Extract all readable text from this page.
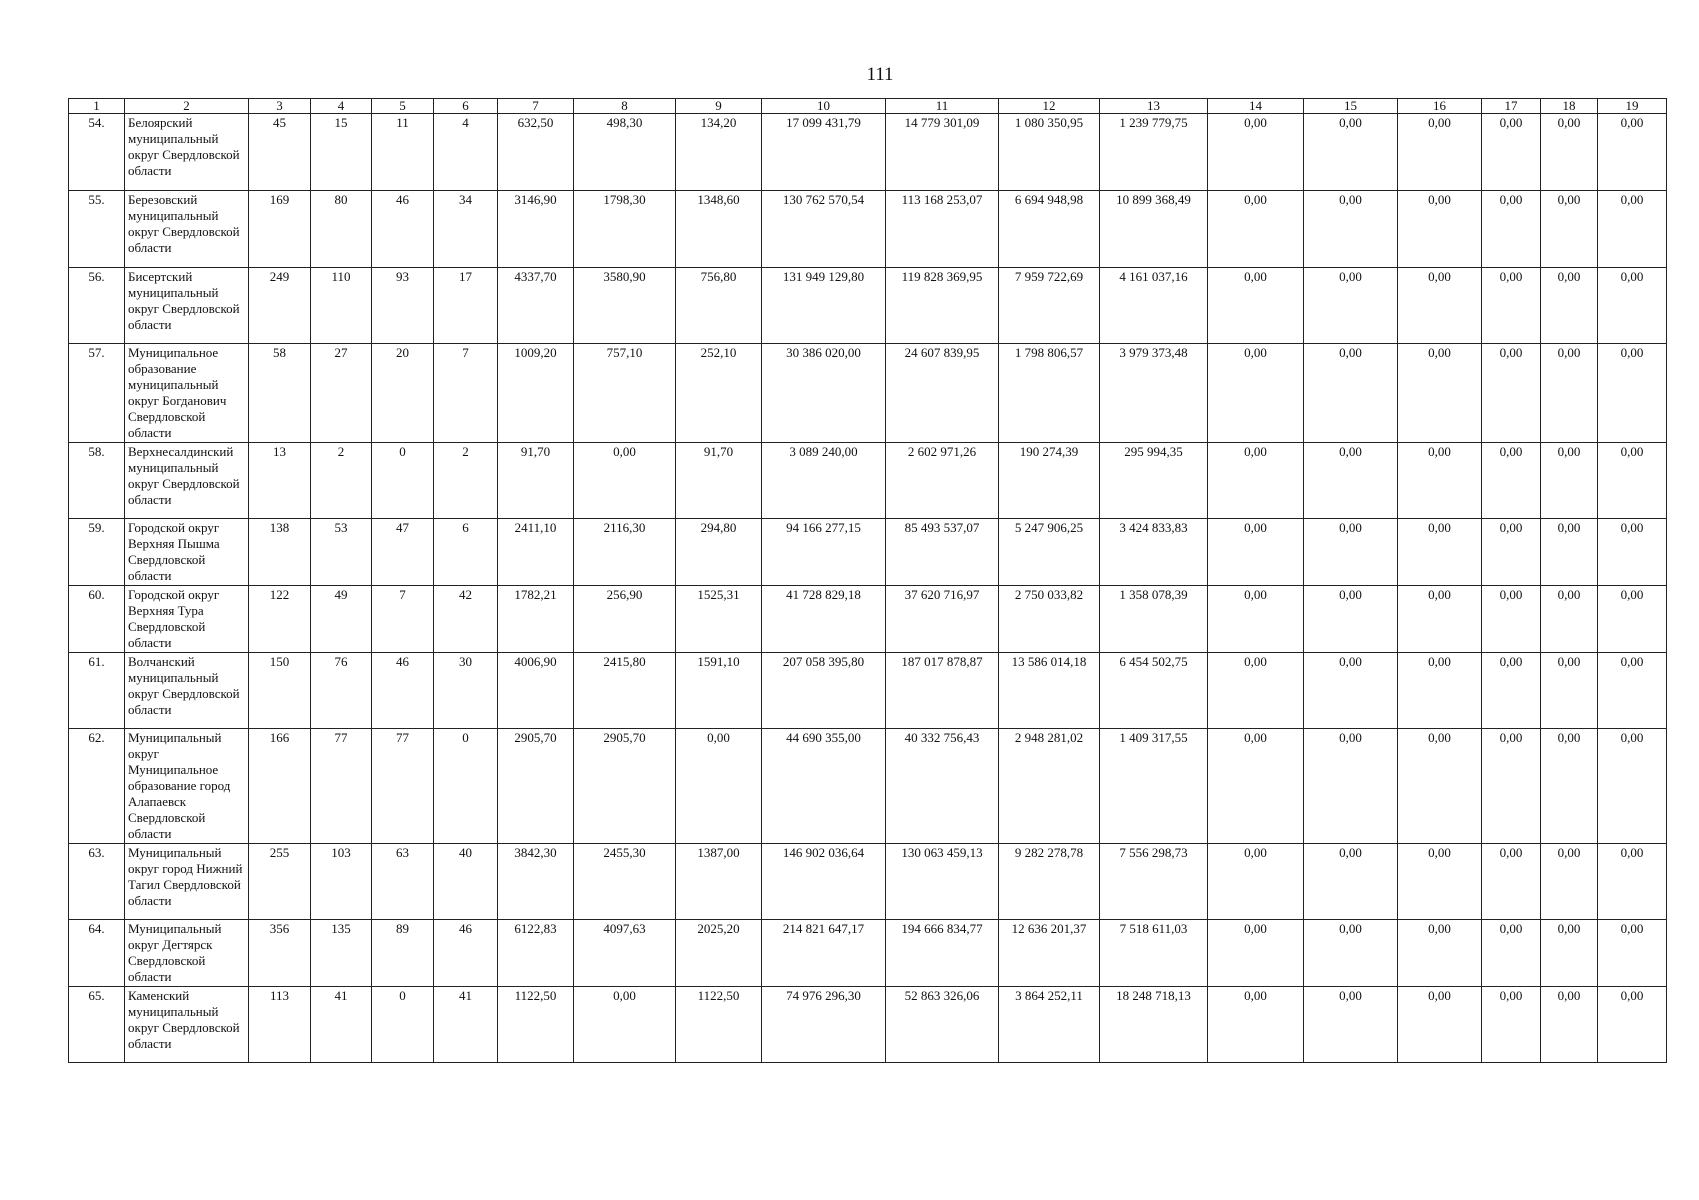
111
1	2	3	4	5	6	7	8	9	10	11	12	13	14	15	16	17	18	19
54.	Белоярский муниципальный округ Свердловской области	45	15	11	4	632,50	498,30	134,20	17 099 431,79	14 779 301,09	1 080 350,95	1 239 779,75	0,00	0,00	0,00	0,00	0,00	0,00
55.	Березовский муниципальный округ Свердловской области	169	80	46	34	3146,90	1798,30	1348,60	130 762 570,54	113 168 253,07	6 694 948,98	10 899 368,49	0,00	0,00	0,00	0,00	0,00	0,00
56.	Бисертский муниципальный округ Свердловской области	249	110	93	17	4337,70	3580,90	756,80	131 949 129,80	119 828 369,95	7 959 722,69	4 161 037,16	0,00	0,00	0,00	0,00	0,00	0,00
57.	Муниципальное образование муниципальный округ Богданович Свердловской области	58	27	20	7	1009,20	757,10	252,10	30 386 020,00	24 607 839,95	1 798 806,57	3 979 373,48	0,00	0,00	0,00	0,00	0,00	0,00
58.	Верхнесалдинский муниципальный округ Свердловской области	13	2	0	2	91,70	0,00	91,70	3 089 240,00	2 602 971,26	190 274,39	295 994,35	0,00	0,00	0,00	0,00	0,00	0,00
59.	Городской округ Верхняя Пышма Свердловской области	138	53	47	6	2411,10	2116,30	294,80	94 166 277,15	85 493 537,07	5 247 906,25	3 424 833,83	0,00	0,00	0,00	0,00	0,00	0,00
60.	Городской округ Верхняя Тура Свердловской области	122	49	7	42	1782,21	256,90	1525,31	41 728 829,18	37 620 716,97	2 750 033,82	1 358 078,39	0,00	0,00	0,00	0,00	0,00	0,00
61.	Волчанский муниципальный округ Свердловской области	150	76	46	30	4006,90	2415,80	1591,10	207 058 395,80	187 017 878,87	13 586 014,18	6 454 502,75	0,00	0,00	0,00	0,00	0,00	0,00
62.	Муниципальный округ Муниципальное образование город Алапаевск Свердловской области	166	77	77	0	2905,70	2905,70	0,00	44 690 355,00	40 332 756,43	2 948 281,02	1 409 317,55	0,00	0,00	0,00	0,00	0,00	0,00
63.	Муниципальный округ город Нижний Тагил Свердловской области	255	103	63	40	3842,30	2455,30	1387,00	146 902 036,64	130 063 459,13	9 282 278,78	7 556 298,73	0,00	0,00	0,00	0,00	0,00	0,00
64.	Муниципальный округ Дегтярск Свердловской области	356	135	89	46	6122,83	4097,63	2025,20	214 821 647,17	194 666 834,77	12 636 201,37	7 518 611,03	0,00	0,00	0,00	0,00	0,00	0,00
65.	Каменский муниципальный округ Свердловской области	113	41	0	41	1122,50	0,00	1122,50	74 976 296,30	52 863 326,06	3 864 252,11	18 248 718,13	0,00	0,00	0,00	0,00	0,00	0,00
